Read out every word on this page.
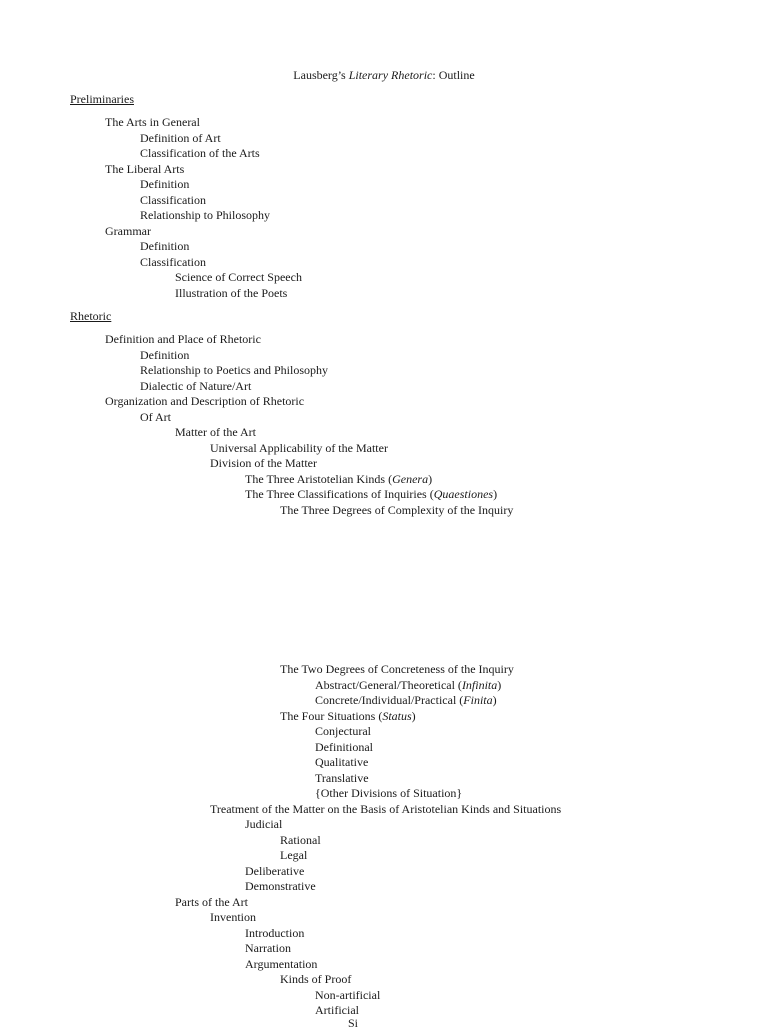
Lausberg’s Literary Rhetoric: Outline
Preliminaries
Rhetoric
The Arts in General
Definition of Art
Classification of the Arts
The Liberal Arts
Definition
Classification
Relationship to Philosophy
Grammar
Definition
Classification
Science of Correct Speech
Illustration of the Poets
Definition and Place of Rhetoric
Definition
Relationship to Poetics and Philosophy
Dialectic of Nature/Art
Organization and Description of Rhetoric
Of Art
Matter of the Art
Universal Applicability of the Matter
Division of the Matter
The Three Aristotelian Kinds (Genera)
The Three Classifications of Inquiries (Quaestiones)
The Three Degrees of Complexity of the Inquiry
The Two Degrees of Concreteness of the Inquiry
Abstract/General/Theoretical (Infinita)
Concrete/Individual/Practical (Finita)
The Four Situations (Status)
Conjectural
Definitional
Qualitative
Translative
{Other Divisions of Situation}
Treatment of the Matter on the Basis of Aristotelian Kinds and Situations
Judicial
Rational
Legal
Deliberative
Demonstrative
Parts of the Art
Invention
Introduction
Narration
Argumentation
Kinds of Proof
Non-artificial
Artificial
Si
